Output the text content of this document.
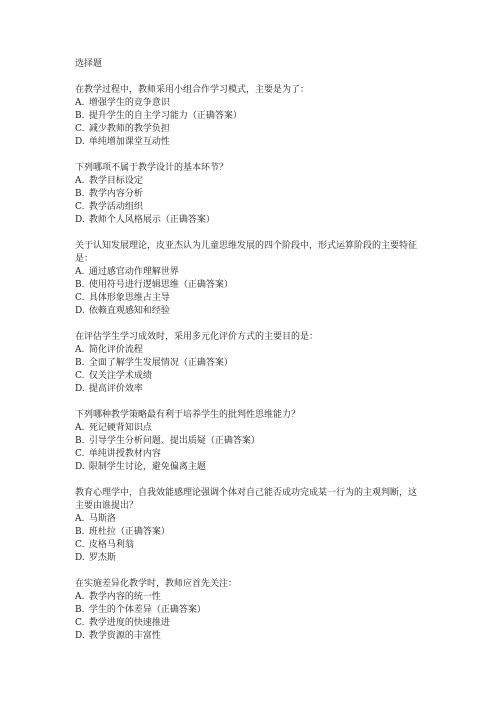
选择题

在教学过程中，教师采用小组合作学习模式，主要是为了：

A. 增强学生的竞争意识

B. 提升学生的自主学习能力（正确答案）

C. 减少教师的教学负担

D. 单纯增加课堂互动性

下列哪项不属于教学设计的基本环节？

A. 教学目标设定

B. 教学内容分析

C. 教学活动组织

D. 教师个人风格展示（正确答案）

关于认知发展理论，皮亚杰认为儿童思维发展的四个阶段中，形式运算阶段的主要特征是：

A. 通过感官动作理解世界

B. 使用符号进行逻辑思维（正确答案）

C. 具体形象思维占主导

D. 依赖直观感知和经验

在评估学生学习成效时，采用多元化评价方式的主要目的是：

A. 简化评价流程

B. 全面了解学生发展情况（正确答案）

C. 仅关注学术成绩

D. 提高评价效率

下列哪种教学策略最有利于培养学生的批判性思维能力？

A. 死记硬背知识点

B. 引导学生分析问题、提出质疑（正确答案）

C. 单纯讲授教材内容

D. 限制学生讨论，避免偏离主题

教育心理学中，自我效能感理论强调个体对自己能否成功完成某一行为的主观判断，这主要由谁提出？

A. 马斯洛

B. 班杜拉（正确答案）

C. 皮格马利翁

D. 罗杰斯

在实施差异化教学时，教师应首先关注：

A. 教学内容的统一性

B. 学生的个体差异（正确答案）

C. 教学进度的快速推进

D. 教学资源的丰富性
